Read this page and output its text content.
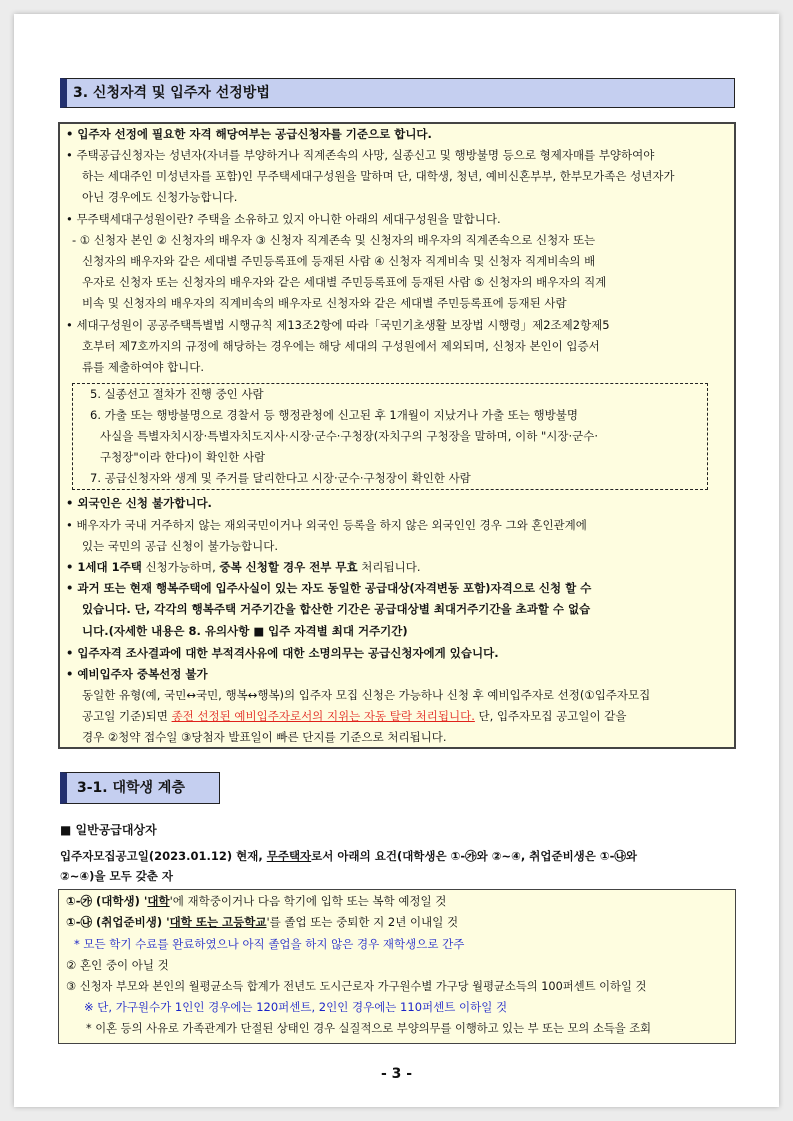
3. 신청자격 및 입주자 선정방법
• 입주자 선정에 필요한 자격 해당여부는 공급신청자를 기준으로 합니다.
• 주택공급신청자는 성년자(자녀를 부양하거나 직계존속의 사망, 실종신고 및 행방불명 등으로 형제자매를 부양하여야
하는 세대주인 미성년자를 포함)인 무주택세대구성원을 말하며 단, 대학생, 청년, 예비신혼부부, 한부모가족은 성년자가
아닌 경우에도 신청가능합니다.
• 무주택세대구성원이란? 주택을 소유하고 있지 아니한 아래의 세대구성원을 말합니다.
- ① 신청자 본인 ② 신청자의 배우자 ③ 신청자 직계존속 및 신청자의 배우자의 직계존속으로 신청자 또는
신청자의 배우자와 같은 세대별 주민등록표에 등재된 사람 ④ 신청자 직계비속 및 신청자 직계비속의 배
우자로 신청자 또는 신청자의 배우자와 같은 세대별 주민등록표에 등재된 사람 ⑤ 신청자의 배우자의 직계
비속 및 신청자의 배우자의 직계비속의 배우자로 신청자와 같은 세대별 주민등록표에 등재된 사람
• 세대구성원이 공공주택특별법 시행규칙 제13조2항에 따라「국민기초생활 보장법 시행령」제2조제2항제5
호부터 제7호까지의 규정에 해당하는 경우에는 해당 세대의 구성원에서 제외되며, 신청자 본인이 입증서
류를 제출하여야 합니다.
5. 실종선고 절차가 진행 중인 사람
6. 가출 또는 행방불명으로 경찰서 등 행정관청에 신고된 후 1개월이 지났거나 가출 또는 행방불명
사실을 특별자치시장·특별자치도지사·시장·군수·구청장(자치구의 구청장을 말하며, 이하 "시장·군수·
구청장"이라 한다)이 확인한 사람
7. 공급신청자와 생계 및 주거를 달리한다고 시장·군수·구청장이 확인한 사람
• 외국인은 신청 불가합니다.
• 배우자가 국내 거주하지 않는 재외국민이거나 외국인 등록을 하지 않은 외국인인 경우 그와 혼인관계에
있는 국민의 공급 신청이 불가능합니다.
• 1세대 1주택 신청가능하며, 중복 신청할 경우 전부 무효 처리됩니다.
• 과거 또는 현재 행복주택에 입주사실이 있는 자도 동일한 공급대상(자격변동 포함)자격으로 신청 할 수
있습니다. 단, 각각의 행복주택 거주기간을 합산한 기간은 공급대상별 최대거주기간을 초과할 수 없습
니다.(자세한 내용은 8. 유의사항 ■ 입주 자격별 최대 거주기간)
• 입주자격 조사결과에 대한 부적격사유에 대한 소명의무는 공급신청자에게 있습니다.
• 예비입주자 중복선정 불가
동일한 유형(예, 국민↔국민, 행복↔행복)의 입주자 모집 신청은 가능하나 신청 후 예비입주자로 선정(①입주자모집
공고일 기준)되면 종전 선정된 예비입주자로서의 지위는 자동 탈락 처리됩니다. 단, 입주자모집 공고일이 같을
경우 ②청약 접수일 ③당첨자 발표일이 빠른 단지를 기준으로 처리됩니다.
3-1. 대학생 계층
■ 일반공급대상자
입주자모집공고일(2023.01.12) 현재, 무주택자로서 아래의 요건(대학생은 ①-㉮와 ②~④, 취업준비생은 ①-㉯와
②~④)을 모두 갖춘 자
①-㉮ (대학생) '대학'에 재학중이거나 다음 학기에 입학 또는 복학 예정일 것
①-㉯ (취업준비생) '대학 또는 고등학교'를 졸업 또는 중퇴한 지 2년 이내일 것
* 모든 학기 수료를 완료하였으나 아직 졸업을 하지 않은 경우 재학생으로 간주
② 혼인 중이 아닐 것
③ 신청자 부모와 본인의 월평균소득 합계가 전년도 도시근로자 가구원수별 가구당 월평균소득의 100퍼센트 이하일 것
※ 단, 가구원수가 1인인 경우에는 120퍼센트, 2인인 경우에는 110퍼센트 이하일 것
* 이혼 등의 사유로 가족관계가 단절된 상태인 경우 실질적으로 부양의무를 이행하고 있는 부 또는 모의 소득을 조회
- 3 -
